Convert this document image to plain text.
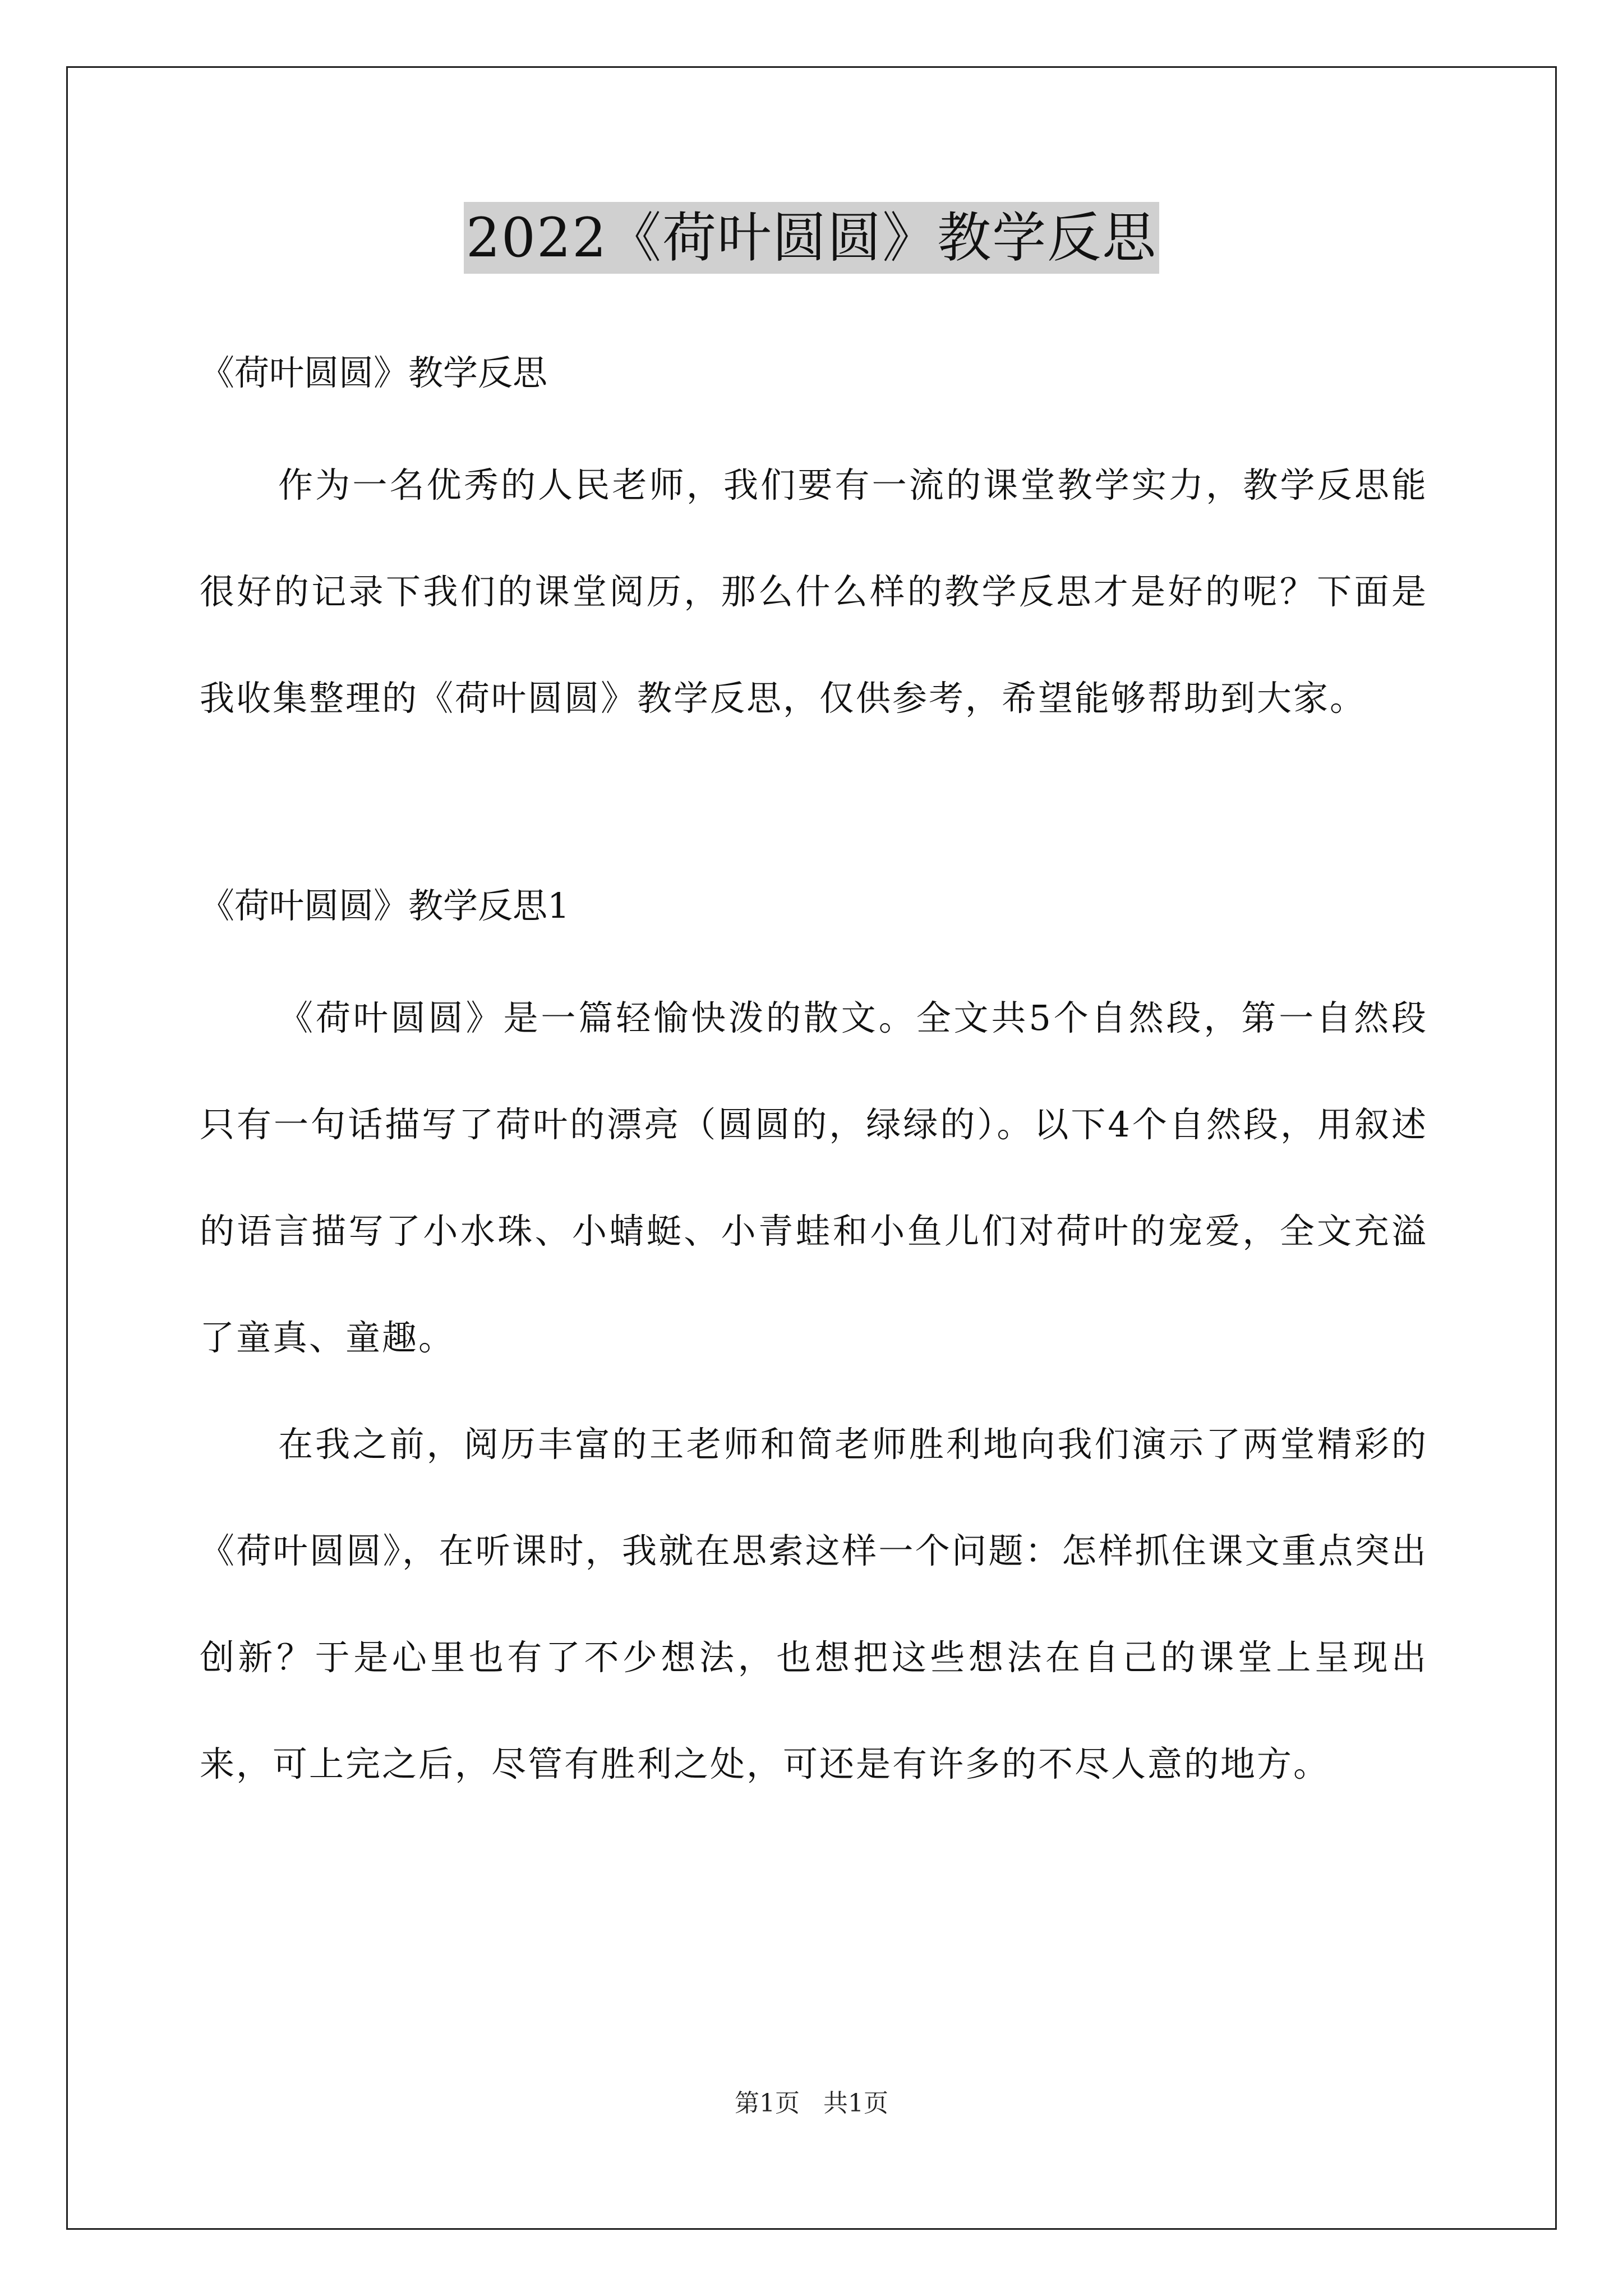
2022《荷叶圆圆》教学反思

《荷叶圆圆》教学反思

作为一名优秀的人民老师，我们要有一流的课堂教学实力，教学反思能很好的记录下我们的课堂阅历，那么什么样的教学反思才是好的呢？下面是我收集整理的《荷叶圆圆》教学反思，仅供参考，希望能够帮助到大家。

《荷叶圆圆》教学反思1

《荷叶圆圆》是一篇轻愉快泼的散文。全文共5个自然段，第一自然段只有一句话描写了荷叶的漂亮（圆圆的，绿绿的）。以下4个自然段，用叙述的语言描写了小水珠、小蜻蜓、小青蛙和小鱼儿们对荷叶的宠爱，全文充溢了童真、童趣。

在我之前，阅历丰富的王老师和简老师胜利地向我们演示了两堂精彩的《荷叶圆圆》，在听课时，我就在思索这样一个问题：怎样抓住课文重点突出创新？于是心里也有了不少想法，也想把这些想法在自己的课堂上呈现出来，可上完之后，尽管有胜利之处，可还是有许多的不尽人意的地方。

第1页   共1页
